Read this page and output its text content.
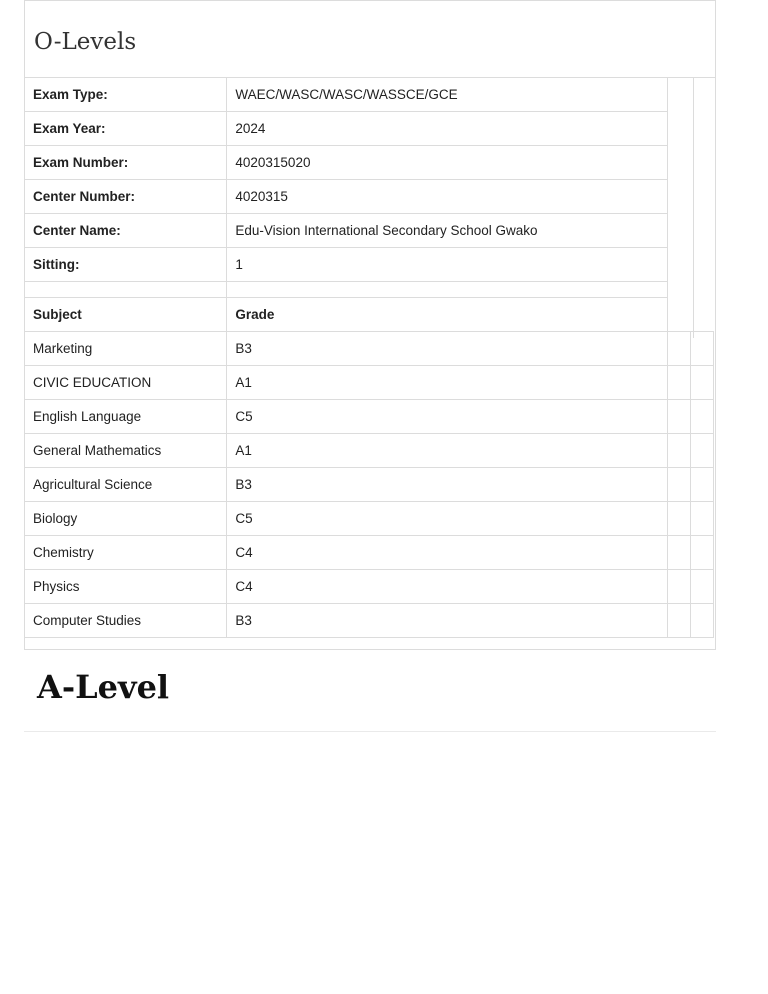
O-Levels
Exam Type:	WAEC/WASC/WASC/WASSCE/GCE		
Exam Year:	2024		
Exam Number:	4020315020		
Center Number:	4020315		
Center Name:	Edu-Vision International Secondary School Gwako		
Sitting:	1		

Subject	Grade		
Marketing	B3		
CIVIC EDUCATION	A1		
English Language	C5		
General Mathematics	A1		
Agricultural Science	B3		
Biology	C5		
Chemistry	C4		
Physics	C4		
Computer Studies	B3		
A-Level
